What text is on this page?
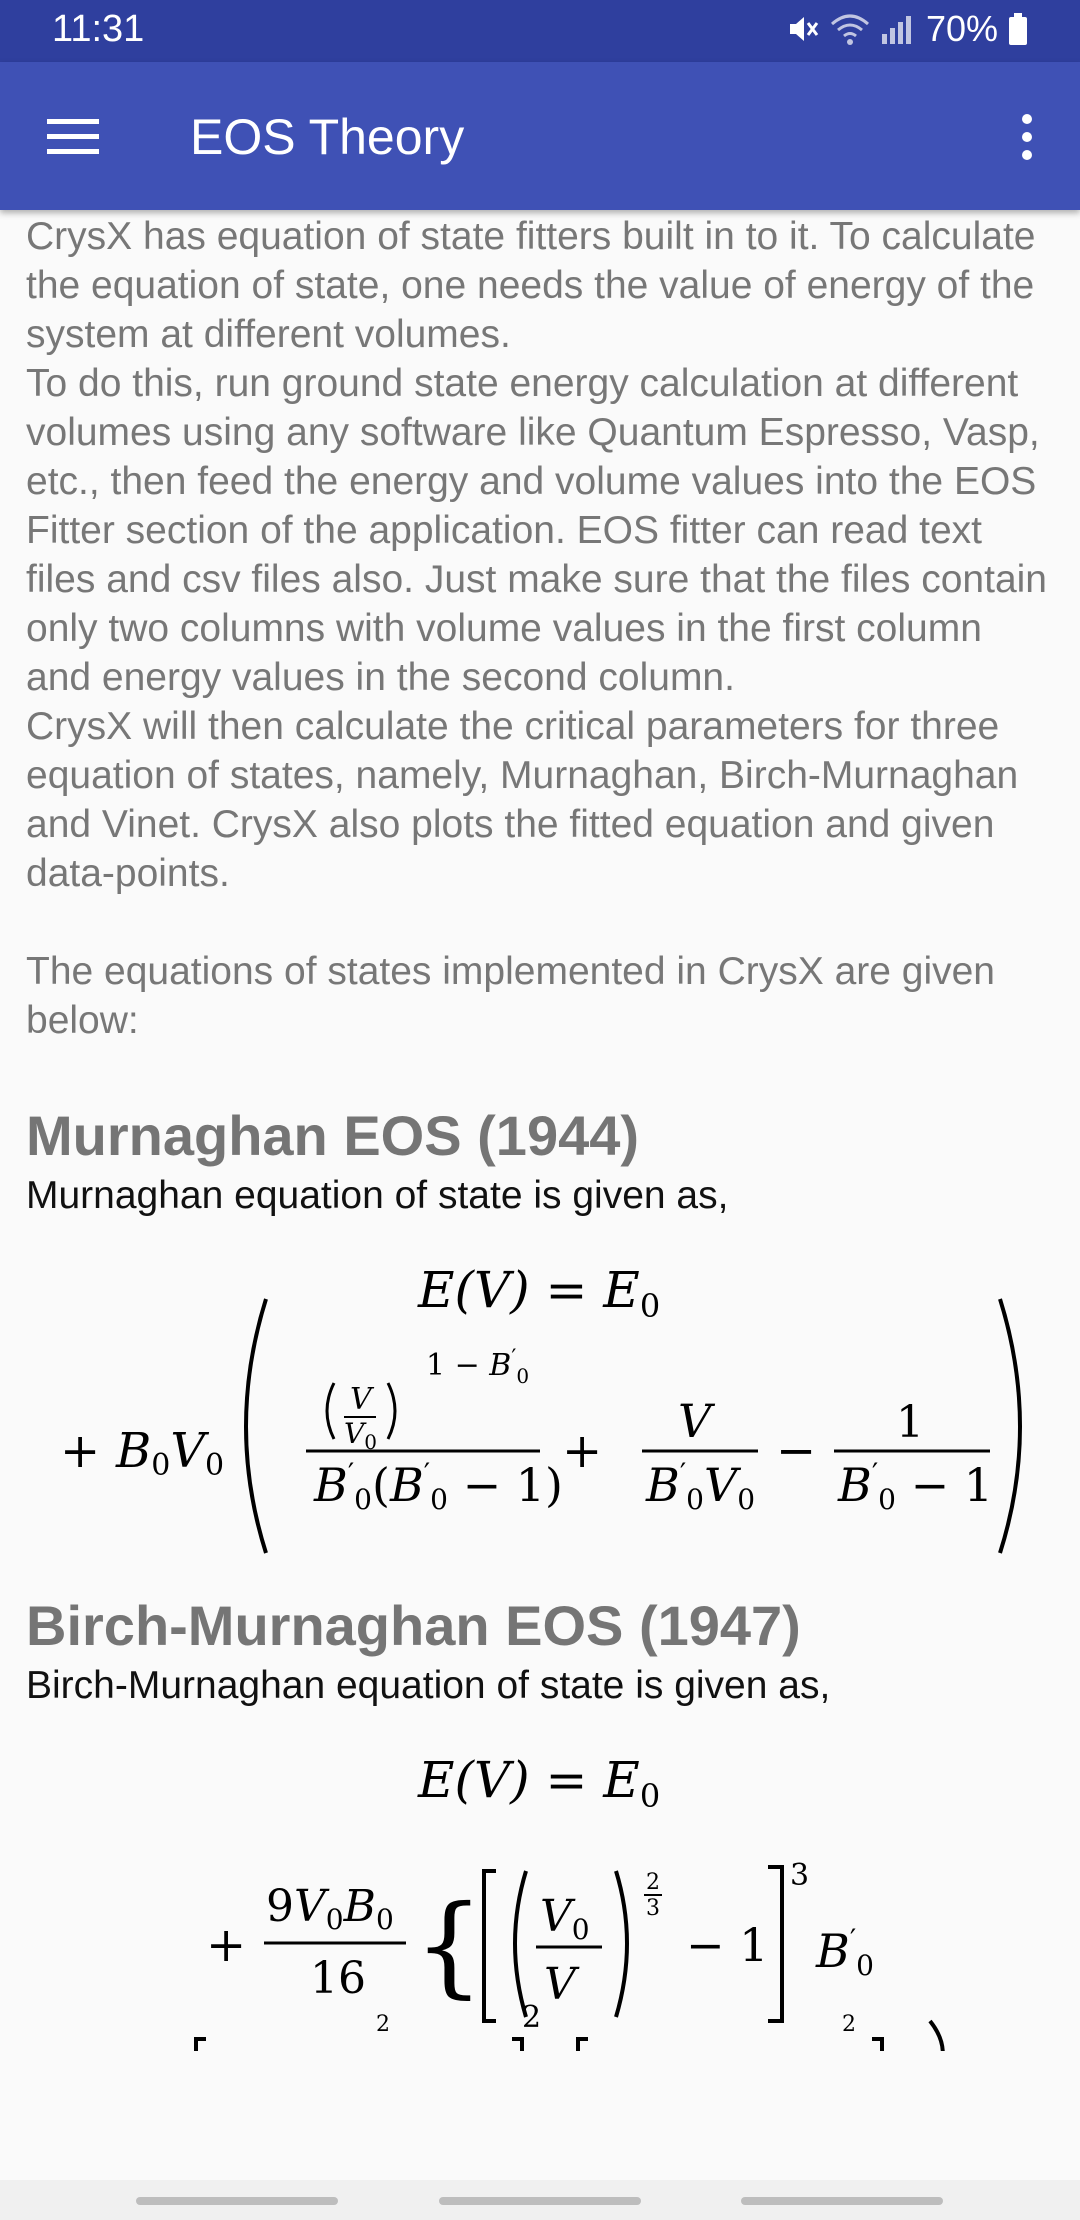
11:31	70%
EOS Theory

CrysX has equation of state fitters built in to it. To calculate the equation of state, one needs the value of energy of the system at different volumes.

To do this, run ground state energy calculation at different volumes using any software like Quantum Espresso, Vasp, etc., then feed the energy and volume values into the EOS Fitter section of the application. EOS fitter can read text files and csv files also. Just make sure that the files contain only two columns with volume values in the first column and energy values in the second column.

CrysX will then calculate the critical parameters for three equation of states, namely, Murnaghan, Birch-Murnaghan and Vinet. CrysX also plots the fitted equation and given data-points.

The equations of states implemented in CrysX are given below:

Murnaghan EOS (1944)

Murnaghan equation of state is given as,

$E(V) = E_0$
+ B0V0
V
$V_0$
$1 - B'_0$
$B'_0(B'_0 - 1)$
+
V
$B'_0V0$
−
1
$B'_0 - 1$
Birch-Murnaghan EOS (1947)

Birch-Murnaghan equation of state is given as,

$E(V) = E_0$
+
9V0B0
16 { V0
V
2
3
− 1
3
$B'_0$
2	2	2
